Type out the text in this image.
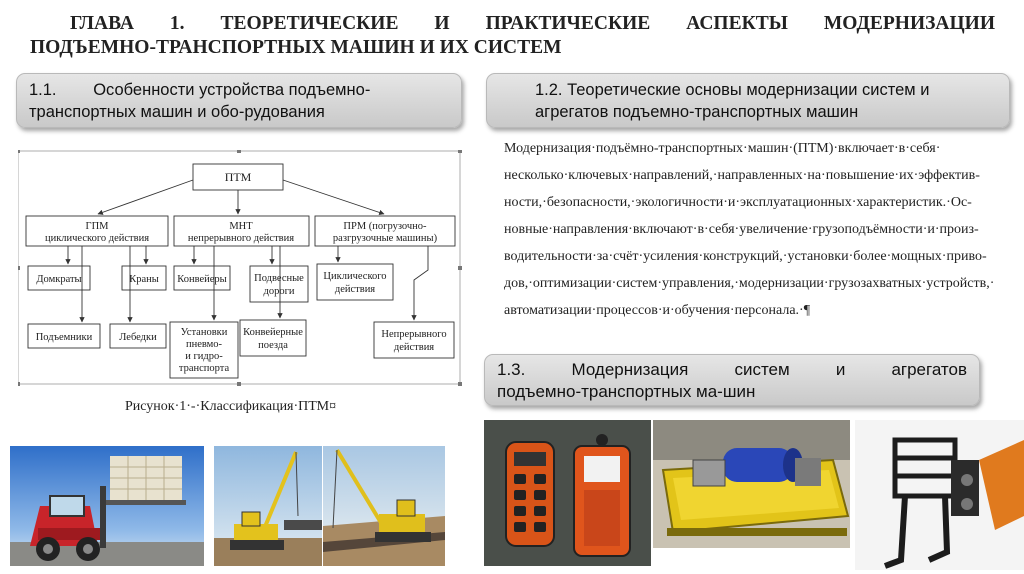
ГЛАВА 1. ТЕОРЕТИЧЕСКИЕ И ПРАКТИЧЕСКИЕ АСПЕКТЫ МОДЕРНИЗАЦИИ
ПОДЪЕМНО-ТРАНСПОРТНЫХ МАШИН И ИХ СИСТЕМ
1.1.        Особенности устройства подъемно-
транспортных машин и обо-рудования
1.2. Теоретические основы модернизации систем и
агрегатов подъемно-транспортных машин
Модернизация·подъёмно-транспортных·машин·(ПТМ)·включает·в·себя·
несколько·ключевых·направлений,·направленных·на·повышение·их·эффектив-
ности,·безопасности,·экологичности·и·эксплуатационных·характеристик.·Ос-
новные·направления·включают·в·себя·увеличение·грузоподъёмности·и·произ-
водительности·за·счёт·усиления·конструкций,·установки·более·мощных·приво-
дов,·оптимизации·систем·управления,·модернизации·грузозахватных·устройств,·
автоматизации·процессов·и·обучения·персонала.·¶
1.3.    Модернизация    систем    и    агрегатов
подъемно-транспортных ма-шин
ПТМ
ГПМ
циклического действия
МНТ
непрерывного действия
ПРМ (погрузочно-
разгрузочные машины)
Домкраты	Краны
Подъемники	Лебедки
Конвейеры	Подвесные
дороги
Установки
пневмо-
и гидро-
транспорта
Конвейерные
поезда
Циклического
действия
Непрерывного
действия
Рисунок·1·-·Классификация·ПТМ¤
